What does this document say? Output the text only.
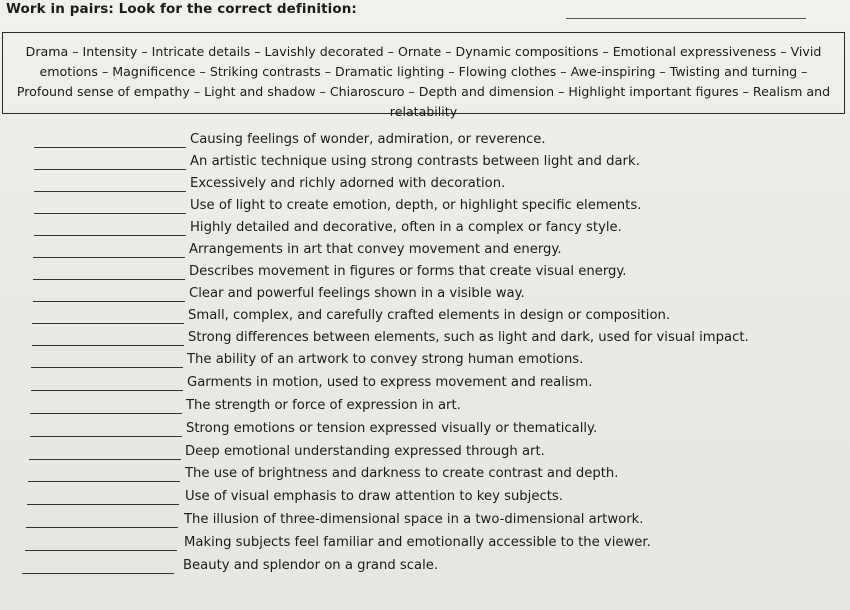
Work in pairs: Look for the correct definition:
Drama – Intensity – Intricate details – Lavishly decorated – Ornate – Dynamic compositions – Emotional expressiveness – Vivid emotions – Magnificence – Striking contrasts – Dramatic lighting – Flowing clothes – Awe-inspiring – Twisting and turning – Profound sense of empathy – Light and shadow – Chiaroscuro – Depth and dimension – Highlight important figures – Realism and relatability
Causing feelings of wonder, admiration, or reverence.
An artistic technique using strong contrasts between light and dark.
Excessively and richly adorned with decoration.
Use of light to create emotion, depth, or highlight specific elements.
Highly detailed and decorative, often in a complex or fancy style.
Arrangements in art that convey movement and energy.
Describes movement in figures or forms that create visual energy.
Clear and powerful feelings shown in a visible way.
Small, complex, and carefully crafted elements in design or composition.
Strong differences between elements, such as light and dark, used for visual impact.
The ability of an artwork to convey strong human emotions.
Garments in motion, used to express movement and realism.
The strength or force of expression in art.
Strong emotions or tension expressed visually or thematically.
Deep emotional understanding expressed through art.
The use of brightness and darkness to create contrast and depth.
Use of visual emphasis to draw attention to key subjects.
The illusion of three-dimensional space in a two-dimensional artwork.
Making subjects feel familiar and emotionally accessible to the viewer.
Beauty and splendor on a grand scale.
